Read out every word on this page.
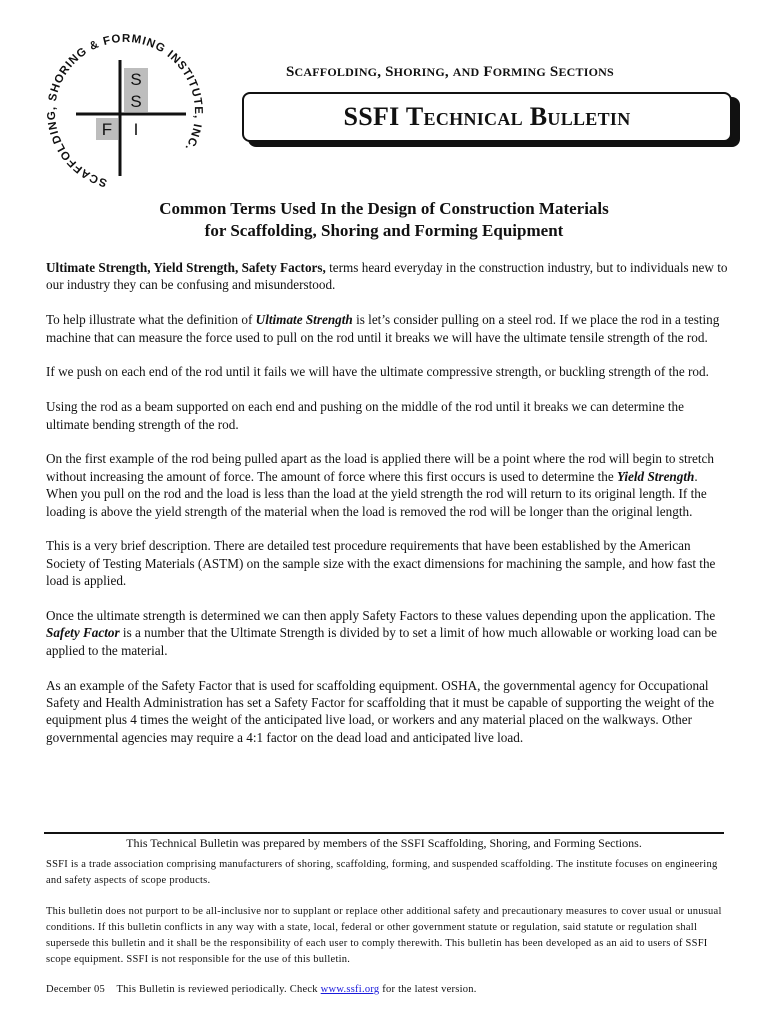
SCAFFOLDING, SHORING & FORMING INSTITUTE, INC.
S
S
F I
SCAFFOLDING, SHORING, AND FORMING SECTIONS
SSFI Technical Bulletin
Common Terms Used In the Design of Construction Materials
for Scaffolding, Shoring and Forming Equipment

Ultimate Strength, Yield Strength, Safety Factors, terms heard everyday in the construction industry, but to individuals new to our industry they can be confusing and misunderstood.

To help illustrate what the definition of Ultimate Strength is let’s consider pulling on a steel rod. If we place the rod in a testing machine that can measure the force used to pull on the rod until it breaks we will have the ultimate tensile strength of the rod.

If we push on each end of the rod until it fails we will have the ultimate compressive strength, or buckling strength of the rod.

Using the rod as a beam supported on each end and pushing on the middle of the rod until it breaks we can determine the ultimate bending strength of the rod.

On the first example of the rod being pulled apart as the load is applied there will be a point where the rod will begin to stretch without increasing the amount of force. The amount of force where this first occurs is used to determine the Yield Strength. When you pull on the rod and the load is less than the load at the yield strength the rod will return to its original length. If the loading is above the yield strength of the material when the load is removed the rod will be longer than the original length.

This is a very brief description. There are detailed test procedure requirements that have been established by the American Society of Testing Materials (ASTM) on the sample size with the exact dimensions for machining the sample, and how fast the load is applied.

Once the ultimate strength is determined we can then apply Safety Factors to these values depending upon the application. The Safety Factor is a number that the Ultimate Strength is divided by to set a limit of how much allowable or working load can be applied to the material.

As an example of the Safety Factor that is used for scaffolding equipment. OSHA, the governmental agency for Occupational Safety and Health Administration has set a Safety Factor for scaffolding that it must be capable of supporting the weight of the equipment plus 4 times the weight of the anticipated live load, or workers and any material placed on the walkways. Other governmental agencies may require a 4:1 factor on the dead load and anticipated live load.

This Technical Bulletin was prepared by members of the SSFI Scaffolding, Shoring, and Forming Sections.
SSFI is a trade association comprising manufacturers of shoring, scaffolding, forming, and suspended scaffolding. The institute focuses on engineering and safety aspects of scope products.
This bulletin does not purport to be all-inclusive nor to supplant or replace other additional safety and precautionary measures to cover usual or unusual conditions. If this bulletin conflicts in any way with a state, local, federal or other government statute or regulation, said statute or regulation shall supersede this bulletin and it shall be the responsibility of each user to comply therewith. This bulletin has been developed as an aid to users of SSFI scope equipment. SSFI is not responsible for the use of this bulletin.
December 05 This Bulletin is reviewed periodically. Check www.ssfi.org for the latest version.
